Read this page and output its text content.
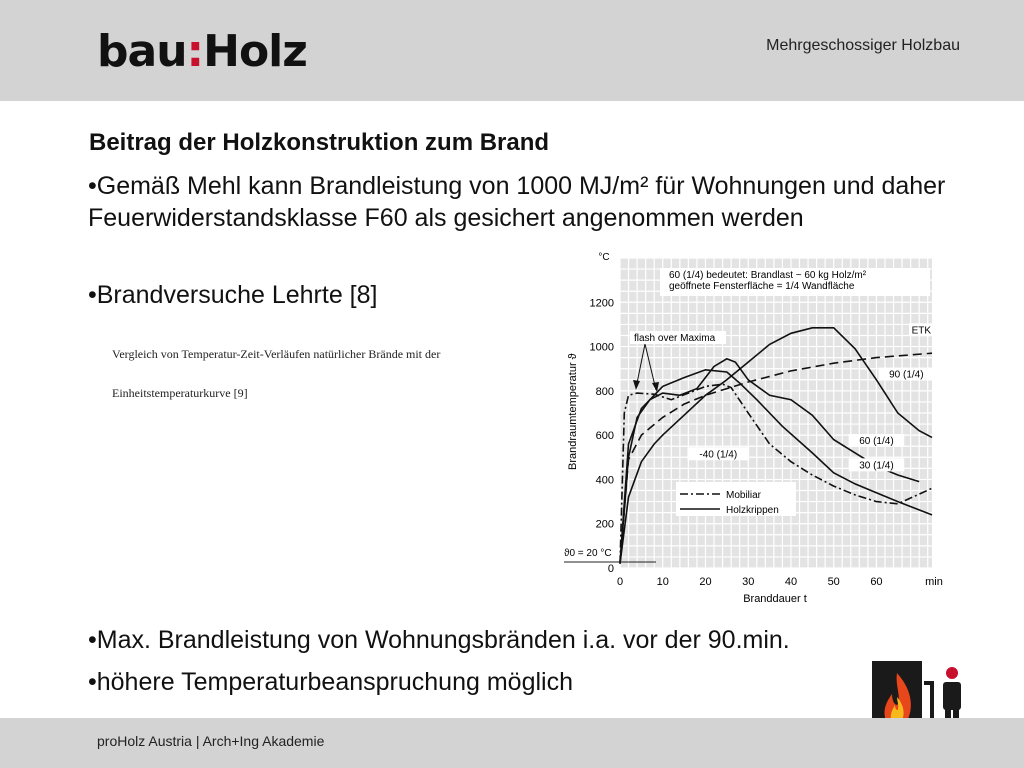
bau:Holz	Mehrgeschossiger Holzbau
Beitrag der Holzkonstruktion zum Brand
•Gemäß Mehl kann Brandleistung von 1000 MJ/m² für Wohnungen und daher Feuerwiderstandsklasse F60 als gesichert angenommen werden
•Brandversuche Lehrte [8]
Vergleich von Temperatur-Zeit-Verläufen natürlicher Brände mit der
Einheitstemperaturkurve [9]
•Max. Brandleistung von Wohnungsbränden i.a. vor der 90.min.
•höhere Temperaturbeanspruchung möglich
0
200
400
600
800
1000
1200
0	10	20	30	40	50	60
°C
min
Brandraumtemperatur ϑ
Branddauer t
ϑ0 = 20 °C
60 (1/4) bedeutet: Brandlast ~ 60 kg Holz/m²
geöffnete Fensterfläche = 1/4 Wandfläche
flash over Maxima
ETK
90 (1/4)
60 (1/4)
30 (1/4)
-40 (1/4)
Mobiliar
Holzkrippen
proHolz Austria | Arch+Ing Akademie
